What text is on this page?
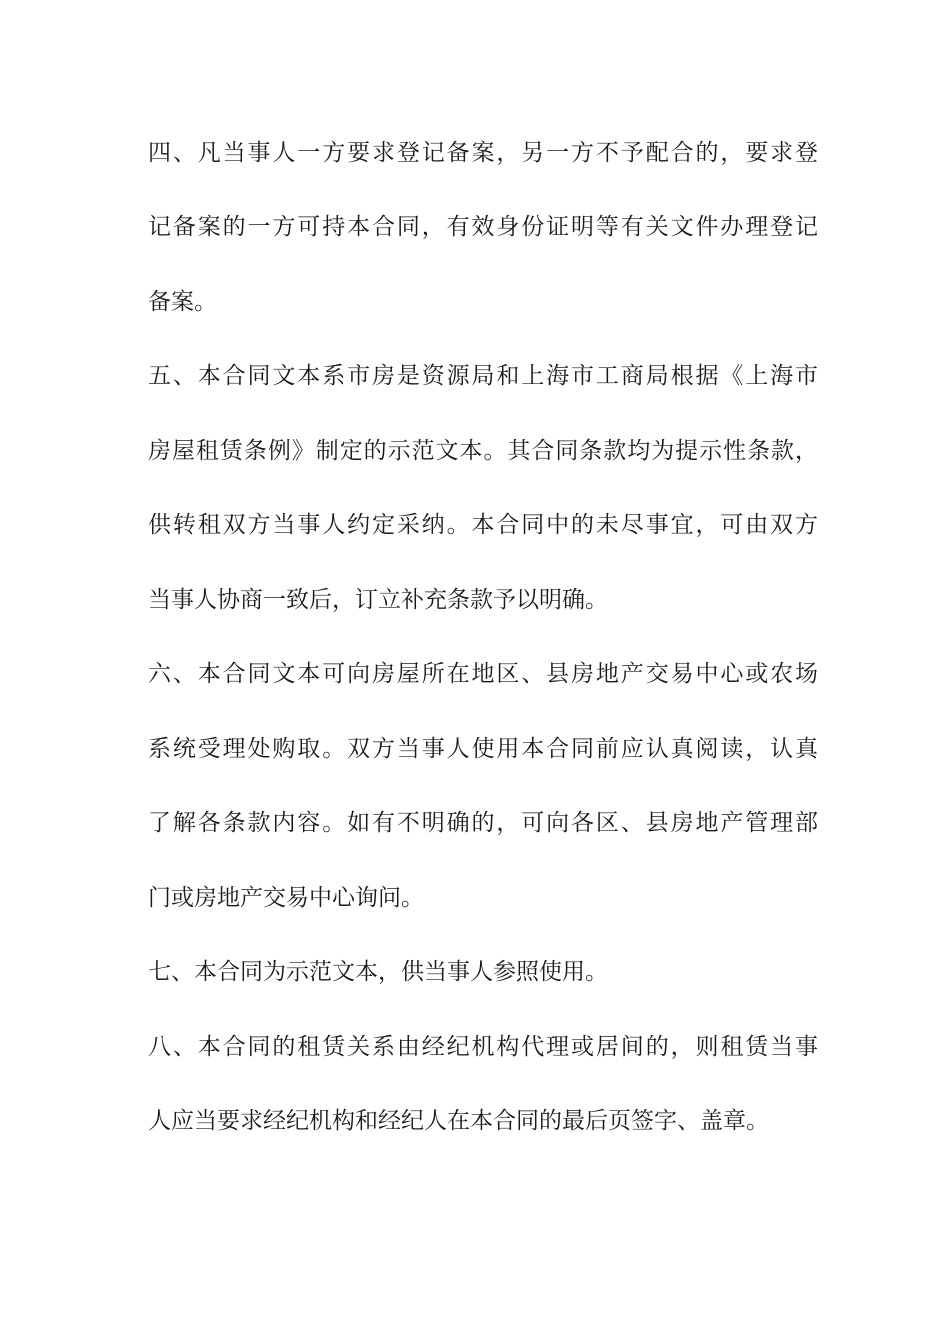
四、凡当事人一方要求登记备案，另一方不予配合的，要求登
记备案的一方可持本合同，有效身份证明等有关文件办理登记
备案。
五、本合同文本系市房是资源局和上海市工商局根据《上海市
房屋租赁条例》制定的示范文本。其合同条款均为提示性条款，
供转租双方当事人约定采纳。本合同中的未尽事宜，可由双方
当事人协商一致后，订立补充条款予以明确。
六、本合同文本可向房屋所在地区、县房地产交易中心或农场
系统受理处购取。双方当事人使用本合同前应认真阅读，认真
了解各条款内容。如有不明确的，可向各区、县房地产管理部
门或房地产交易中心询问。
七、本合同为示范文本，供当事人参照使用。
八、本合同的租赁关系由经纪机构代理或居间的，则租赁当事
人应当要求经纪机构和经纪人在本合同的最后页签字、盖章。
